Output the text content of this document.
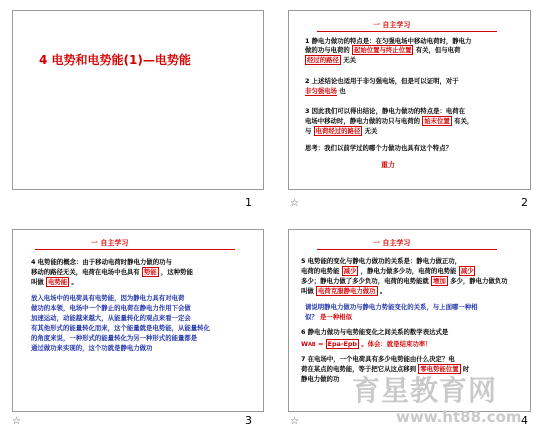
4 电势和电势能(1)—电势能
1
一 自主学习
1 静电力做功的特点是：在匀强电场中移动电荷时，静电力
做的功与电荷的 起始位置与终止位置 有关，但与电荷
经过的路径 无关
2 上述结论也适用于非匀强电场，但是可以证明，对于
非匀强电场 也
3 因此我们可以得出结论，静电力做功的特点是：电荷在
电场中移动时，静电力做的功只与电荷的 始末位置 有关，
与 电荷经过的路径 无关
思考：我们以前学过的哪个力做功也具有这个特点？
重力
2
☆
一 自主学习
4 电势能的概念：由于移动电荷时静电力做的功与
移动的路径无关，电荷在电场中也具有 势能 ，这种势能
叫做 电势能 。
放入电场中的电荷具有电势能，因为静电力具有对电荷
做功的本领，电场中一个静止的电荷在静电力作用下会做
加速运动，动能越来越大，从能量转化的观点来看一定会
有其他形式的能量转化而来，这个能量就是电势能，从能量转化
的角度来说，一种形式的能量转化为另一种形式的能量都是
通过做功来实现的，这个功就是静电力做功
3
☆
一 自主学习
5 电势能的变化与静电力做功的关系是：静电力做正功，
电荷的电势能 减少 ，静电力做多少功，电荷的电势能 减少
多少；静电力做了多少负功，电荷的电势能就 增加 多少，静电力做负功
叫做 电荷克服静电力做功 。
请说明静电力做功与静电力势能变化的关系，与上面哪一种相
似？ 是一种相似
6 静电力做功与电势能变化之间关系的数学表达式是
WAB = Epa-Epb 。体会：就是结束功率！
7 在电场中，一个电荷具有多少电势能由什么决定？电
荷在某点的电势能，等于把它从这点移到 零电势能位置 时
静电力做的功
4
☆
育星教育网
www.ht88.com
